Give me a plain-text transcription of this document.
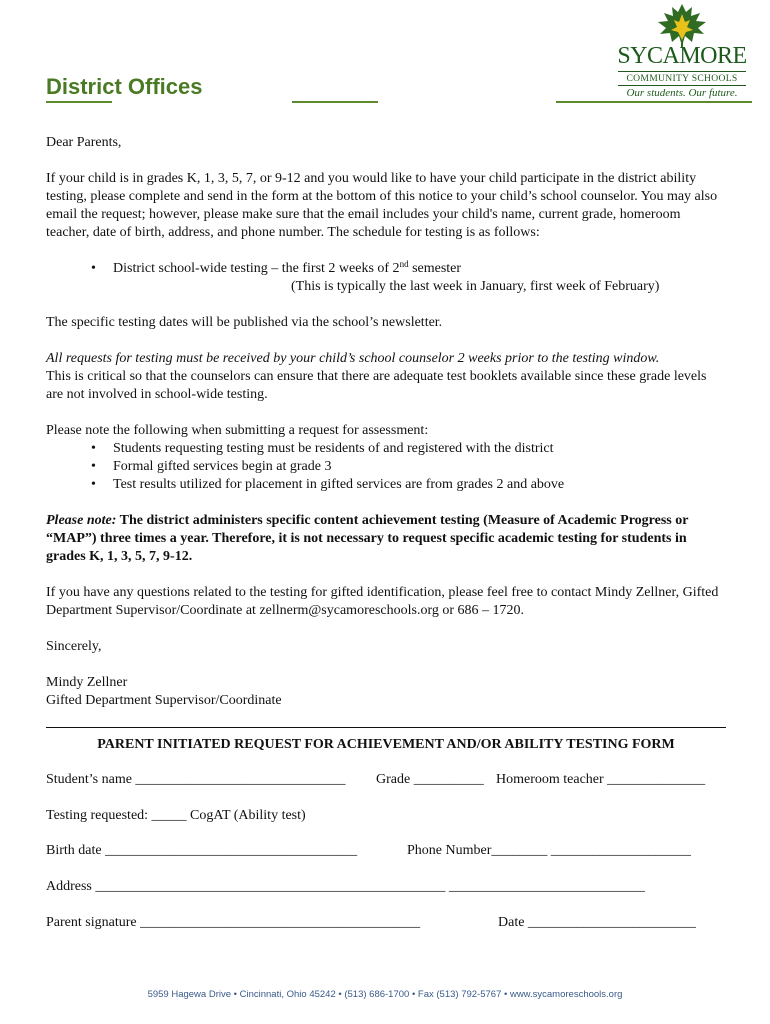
District Offices
SYCAMORE
COMMUNITY SCHOOLS
Our students. Our future.

Dear Parents,

If your child is in grades K, 1, 3, 5, 7, or 9-12 and you would like to have your child participate in the district ability testing, please complete and send in the form at the bottom of this notice to your child’s school counselor. You may also email the request; however, please make sure that the email includes your child's name, current grade, homeroom teacher, date of birth, address, and phone number. The schedule for testing is as follows:

• District school-wide testing – the first 2 weeks of 2nd semester

(This is typically the last week in January, first week of February)

The specific testing dates will be published via the school’s newsletter.

All requests for testing must be received by your child’s school counselor 2 weeks prior to the testing window.
This is critical so that the counselors can ensure that there are adequate test booklets available since these grade levels are not involved in school-wide testing.

Please note the following when submitting a request for assessment:

• Students requesting testing must be residents of and registered with the district
• Formal gifted services begin at grade 3
• Test results utilized for placement in gifted services are from grades 2 and above

Please note: The district administers specific content achievement testing (Measure of Academic Progress or “MAP”) three times a year. Therefore, it is not necessary to request specific academic testing for students in grades K, 1, 3, 5, 7, 9-12.

If you have any questions related to the testing for gifted identification, please feel free to contact Mindy Zellner, Gifted Department Supervisor/Coordinate at zellnerm@sycamoreschools.org or 686 – 1720.

Sincerely,

Mindy Zellner

Gifted Department Supervisor/Coordinate

PARENT INITIATED REQUEST FOR ACHIEVEMENT AND/OR ABILITY TESTING FORM
Student’s name ______________________________ Grade __________ Homeroom teacher ______________
Testing requested: _____ CogAT (Ability test)
Birth date ____________________________________	Phone Number________ ____________________
Address __________________________________________________ ____________________________
Parent signature ________________________________________	Date ________________________
5959 Hagewa Drive • Cincinnati, Ohio 45242 • (513) 686-1700 • Fax (513) 792-5767 • www.sycamoreschools.org
